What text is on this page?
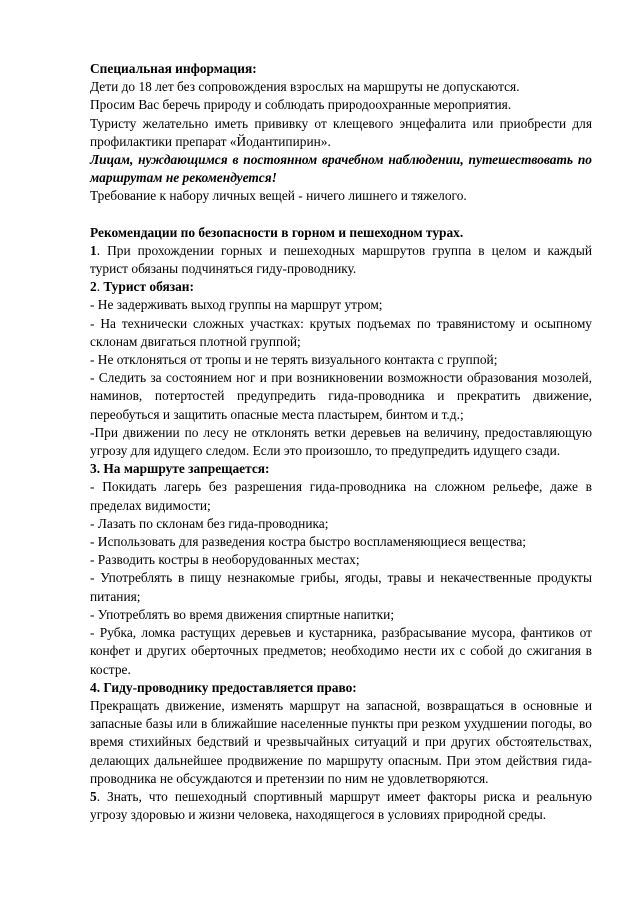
Специальная информация:

Дети до 18 лет без сопровождения взрослых на маршруты не допускаются.

Просим Вас беречь природу и соблюдать природоохранные мероприятия.

Туристу желательно иметь прививку от клещевого энцефалита или приобрести для профилактики препарат «Йодантипирин».

Лицам, нуждающимся в постоянном врачебном наблюдении, путешествовать по маршрутам не рекомендуется!

Требование к набору личных вещей - ничего лишнего и тяжелого.

Рекомендации по безопасности в горном и пешеходном турах.

1. При прохождении горных и пешеходных маршрутов группа в целом и каждый турист обязаны подчиняться гиду-проводнику.

2. Турист обязан:

- Не задерживать выход группы на маршрут утром;

- На технически сложных участках: крутых подъемах по травянистому и осыпному склонам двигаться плотной группой;

- Не отклоняться от тропы и не терять визуального контакта с группой;

- Следить за состоянием ног и при возникновении возможности образования мозолей, наминов, потертостей предупредить гида-проводника и прекратить движение, переобуться и защитить опасные места пластырем, бинтом и т.д.;

-При движении по лесу не отклонять ветки деревьев на величину, предоставляющую угрозу для идущего следом. Если это произошло, то предупредить идущего сзади.

3. На маршруте запрещается:

- Покидать лагерь без разрешения гида-проводника на сложном рельефе, даже в пределах видимости;

- Лазать по склонам без гида-проводника;

- Использовать для разведения костра быстро воспламеняющиеся вещества;

- Разводить костры в необорудованных местах;

- Употреблять в пищу незнакомые грибы, ягоды, травы и некачественные продукты питания;

- Употреблять во время движения спиртные напитки;

- Рубка, ломка растущих деревьев и кустарника, разбрасывание мусора, фантиков от конфет и других оберточных предметов; необходимо нести их с собой до сжигания в костре.

4. Гиду-проводнику предоставляется право:

Прекращать движение, изменять маршрут на запасной, возвращаться в основные и запасные базы или в ближайшие населенные пункты при резком ухудшении погоды, во время стихийных бедствий и чрезвычайных ситуаций и при других обстоятельствах, делающих дальнейшее продвижение по маршруту опасным. При этом действия гида-проводника не обсуждаются и претензии по ним не удовлетворяются.

5. Знать, что пешеходный спортивный маршрут имеет факторы риска и реальную угрозу здоровью и жизни человека, находящегося в условиях природной среды.
